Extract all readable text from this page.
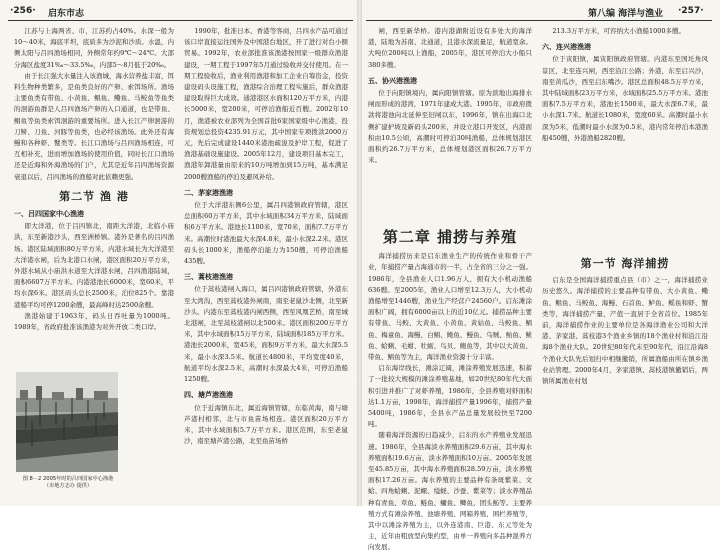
·256· 启东市志

江苏与上海两省、市，江苏约占40%。水深一般为10～40米，海底平坦，底质多为沙泥和沙质。水温，内侧太阳与吕四渔场相同，外侧常年约9℃～24℃。大部分海区盐度31‰～33.5‰，内部5～8月低于20‰。

由于长江强大水量注入该渔城，海水营养盐丰富，饵料生物种类繁多，是鱼类良好的产卵、索饵场所。渔场主要鱼类有带鱼、小黄鱼、鲳鱼、鳓鱼、马鲛鱼等鱼类的洄游鱼群是人吕四渔场产卵的入口通道，也是带鱼、鲳鱼等鱼类索饵洄游的重要场所。进入长江产卵洄游的刀鲚、刀鱼、河豚等鱼类，也必经该渔场。此外还有海鳗和各种虾、蟹类等。长江口渔场与吕四渔场相连，可互相补充，进而增加渔场的使用价值，同时长江口渔场还是近海和外海渔场的门户，尤其是近年吕四渔场资源衰退以后，吕四渔场的渔船对此依赖更强。

第二节 渔 港
一、吕四国家中心渔港

即大洋港，位于吕四镇北，南距大洋港，北临小庙洪，东至新港沙头，西至洲桥镇。港外是著名的吕四渔场。港区陆域面积80万平方米，内港水域长为大洋港至大洋港水闸，后为北港口水闸，港区面积20万平方米，外港水域从小庙洪水道至大洋港水闸，吕四渔港陆域，面积6607万平方米。内港港池长6000米，宽60米，平均水深6米。港区码头总长2500米，泊位825个。靠港港船平均可停1200余艘，最高峰时达2500余艘。

渔港始建于1963年，码头日吞吐量为1000吨。1989年，省政府批准该渔港为对外开放二类口岸。

图 8－2 2005年时的吕四国家中心渔港
（市地方志办 提供）

1990年，批准日本、香港等客商，吕四水产品可通过该口岸直接运往国外及中国港台地区，开了进行对台小额贸易。1992年，农业部批准该渔港按国家一级群众渔港建设，一期工程于1997年5月通过验收并交付使用。在一期工程验收后，渔业利用渔港和加工企业自筹资金，投资建设码头设施工程，渔港综合治理工程实施后，群众渔港建设取得巨大成效。通港港区水面积120万平方米，内港长5000米，宽200米，可停泊渔船近百艘。2002年10月，渔港被农业部列为全国首批6家国家级中心渔港，投资规划总投资4235.91万元，其中国家专项拨款2000万元，先后完成建设1440米港池疏浚及护岸工程，促进了渔港基础设施建设。2005年12月，建设项目基本完工，渔港年卸港量由原来的10万吨增加到15万吨，基本满足2000艘渔船的停泊及避风补给。

二、茅家港渔港

位于大洋港东侧6公里，属吕四港镇政府管辖，港区总面积60万平方米，其中水域面积34万平方米，陆域面积6万平方米。港池长1100米，宽70米，面积7.7万平方米。高潮位时港池最大水深4.8米，最小水深2.2米。港区码头长1000米，渔船停泊能力为150艘，可停泊渔船435艘。

三、蒿枝港渔港

位于蒿枝港闸入海口，属吕四港镇政府管辖，外港东至大湾沟，西至蒿枝港外闸南，南至老鼠沙北侧，北至新沙头。内港东至蒿枝港内闸西侧，西至风凰艺桥，南至城北港闸，北至蒿枝港闸以北500米。港区面积200万平方米，其中水域面积15万平方米，陆域面积185万平方米。港池长2000米，宽45米，面积9万平方米，最大水深5.5米，最小水深3.5米。航道长4800米，平均宽度40米，航道平均水深2.5米，高潮时水深最大4米，可停泊渔船1250艘。

四、塘芦港渔港

位于近海镇东北，属近海镇管辖，东临黄海，南与塘芦港村相邻，北与市鱼苗场相连。港区面积20万平方米，其中水域面积5.7万平方米。港区范围，东至老鼠沙，南至塘芦港公路，北至鱼苗场桥

第八编 海洋与渔业 ·257·

闸，西至新华桥。港内港湖附近设有多处大的海洋港，陆地为苏南、北通道，且港水深流量足，航道宽余。大吨位200吨以上渔船，2005年，港区可停泊大小船只380多艘。

五、协兴港渔港

位于向阳镇境内，属向阳镇管辖。原为滨地出海排水闸而形成的港湾，1971年建成大港。1995年，市政府拨款将港池向北延伸至旧闸以东，1996年，镇在出海口北侧扩建护坡及新码头200米，并设立港口开发区，内港面积由10.5公顷，高潮时可停泊30吨渔船，总体规划港区面积约26.7万平方米，总体规划港区面积26.7万平方米。

213.3万平方米，可容纳大小渔船1000多艘。

六、连兴港渔港

位于寅阳镇，属寅阳镇政府管辖。内港东至国圫角风景区，北至连兴闸，西至沿江公路；外港，东至启兴沙，南至黄瓜沙，西至启东嘴沙。港区总面积48.5万平方米，其中陆域面积23万平方米，水域面积25.5万平方米。港池面积7.5万平方米，港池长1500米，最大水深6.7米，最小水深1.7米。航道长1080米，宽度60米。高潮时最小水深为5米，低潮时最小水深为0.5米，港内常年停泊本港渔船450艘，外港渔船2820艘。

第二章 捕捞与养殖

海洋捕捞历来是启东渔业生产的传统作业和骨干产业，年捕捞产量占海通市的一半，占全省的三分之一强。1986年，全县渔业人口1.96万人，拥有大小机动渔船636艘。至2005年，渔业人口增至12.3万人，大小机动渔船增至1446艘，渔业生产经营户24560户。启东滩涂面积广阔，拥有6000亩以上的近10亿元。捕捞品种主要有带鱼、马鲛、大黄鱼、小黄鱼、黄姑鱼、马鲛鱼、鲳鱼、梅童鱼、海鳗、白鲳、鲍鱼、鳗鱼、乌贼、鲐鱼、鲅鱼、蛤蜊、毛蚶、牡蛎、鸟贝、鲍鱼等，其中以大黄鱼、带鱼、鲳鱼等为主，海洋渔业资源十分丰富。

启东海岸线长，滩涂辽阔，滩涂养殖发展迅速，积蓄了一批较大规模的滩涂养殖基地，如20世纪80年代大面积引进并推广了对虾养殖，1986年，全县养殖对虾面积达1.1万亩，1998年，海洋捕捞产量1996年，捕捞产量5400吨，1986年，全县水产品总量发展较快至7200吨。

随着海洋资源的日趋减少，启东的水产养殖业发展迅速。1986年，全县海淡水养殖面积29.6万亩，其中海水养殖面积19.6万亩，淡水养殖面积10万亩。2005年发展至45.85万亩，其中海水养殖面积28.59万亩，淡水养殖面积17.26万亩。海水养殖的主要品种有条斑紫菜、文蛤、四角蛤蜊、泥螺、缢蛏、沙蚕、紫菜等；淡水养殖品种有青鱼、草鱼、鲢鱼、鳙鱼、鲫鱼、团头鲂等。主要养殖方式有滩涂养殖、池塘养殖、网箱养殖、围栏养殖等，其中以滩涂养殖为主，以外连港南、巨港、东元等处为主，近年由粗放型向集约型，由单一养殖向多品种混养方向发展。

第一节 海洋捕捞

启东是全国海洋捕捞重点县（市）之一，海洋捕捞业历史悠久。海洋捕捞的主要品种有带鱼、大小黄鱼、鳓鱼、鲳鱼、马鲛鱼、海鳗、石首鱼、鲈鱼、鳐鱼和虾、蟹类等，海洋捕捞产量，产值一直居于全省首位。1985年前，海洋捕捞作业的主要单位是各海洋渔业公司和大洋港、茅家港、蒿枝港3个渔业乡镇的18个渔业村和沿江沿海8个渔业大队。20世纪80年代末至90年代，沿江沿海8个渔业大队先后划归中相继撤销，所属渔船由所在镇乡渔业站管理。2000年4月，茅家港镇、蒿枝港镇撤销后，两镇所属渔业村划
